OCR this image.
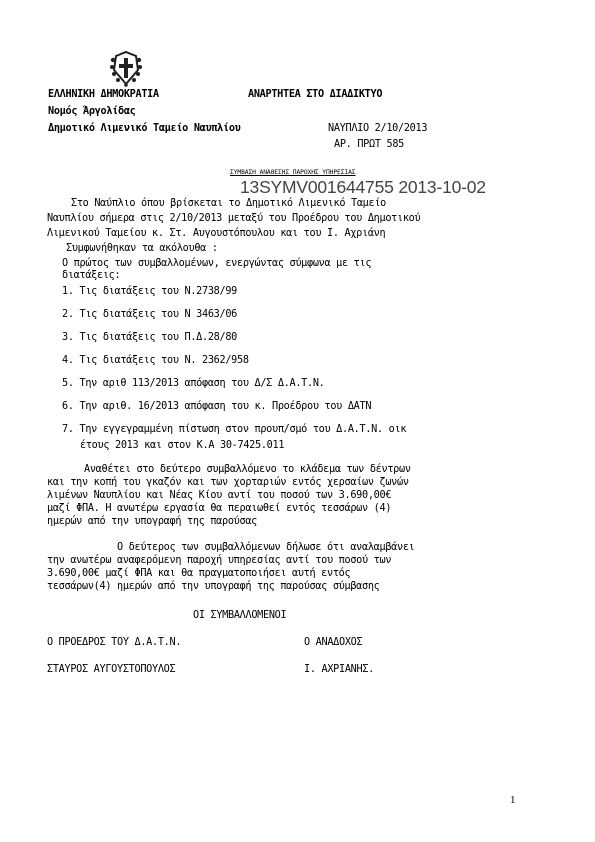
ΕΛΛΗΝΙΚΗ ΔΗΜΟΚΡΑΤΙΑ	ΑΝΑΡΤΗΤΕΑ ΣΤΟ ΔΙΑΔΙΚΤΥΟ
Νομός Άργολίδας
Δημοτικό Λιμενικό Ταμείο Ναυπλίου	ΝΑΥΠΛΙΟ 2/10/2013
ΑΡ. ΠΡΩΤ 585
ΣΥΜΒΑΣΗ ΑΝΑΘΕΣΗΣ ΠΑΡΟΧΗΣ ΥΠΗΡΕΣΙΑΣ
13SYMV001644755 2013-10-02
Στο Ναύπλιο όπου βρίσκεται το Δημοτικό Λιμενικό Ταμείο
Ναυπλίου σήμερα στις 2/10/2013 μεταξύ του Προέδρου του Δημοτικού
Λιμενικού Ταμείου κ. Στ. Αυγουστόπουλου και του Ι. Αχριάνη
Συμφωνήθηκαν τα ακόλουθα :
Ο πρώτος των συμβαλλομένων, ενεργώντας σύμφωνα με τις
διατάξεις:
1. Τις διατάξεις του Ν.2738/99
2. Τις διατάξεις του Ν 3463/06
3. Τις διατάξεις του Π.Δ.28/80
4. Τις διατάξεις του Ν. 2362/958
5. Την αριθ 113/2013 απόφαση του Δ/Σ Δ.Α.Τ.Ν.
6. Την αριθ. 16/2013 απόφαση του κ. Προέδρου του ΔΑΤΝ
7. Την εγγεγραμμένη πίστωση στον προυπ/σμό του Δ.Α.Τ.Ν. οικ
έτους 2013 και στον Κ.Α 30-7425.011
Αναθέτει στο δεύτερο συμβαλλόμενο το κλάδεμα των δέντρων
και την κοπή του γκαζόν και των χορταριών εντός χερσαίων ζωνών
λιμένων Ναυπλίου και Νέας Κίου αντί του ποσού των 3.690,00€
μαζί ΦΠΑ. Η ανωτέρω εργασία θα περαιωθεί εντός τεσσάρων (4)
ημερών από την υπογραφή της παρούσας
Ο δεύτερος των συμβαλλόμενων δήλωσε ότι αναλαμβάνει
την ανωτέρω αναφερόμενη παροχή υπηρεσίας αντί του ποσού των
3.690,00€ μαζί ΦΠΑ και θα πραγματοποιήσει αυτή εντός
τεσσάρων(4) ημερών από την υπογραφή της παρούσας σύμβασης
ΟΙ ΣΥΜΒΑΛΛΟΜΕΝΟΙ
Ο ΠΡΟΕΔΡΟΣ ΤΟΥ Δ.Α.Τ.Ν.	Ο ΑΝΑΔΟΧΟΣ
ΣΤΑΥΡΟΣ ΑΥΓΟΥΣΤΟΠΟΥΛΟΣ	Ι. ΑΧΡΙΑΝΗΣ.
1
